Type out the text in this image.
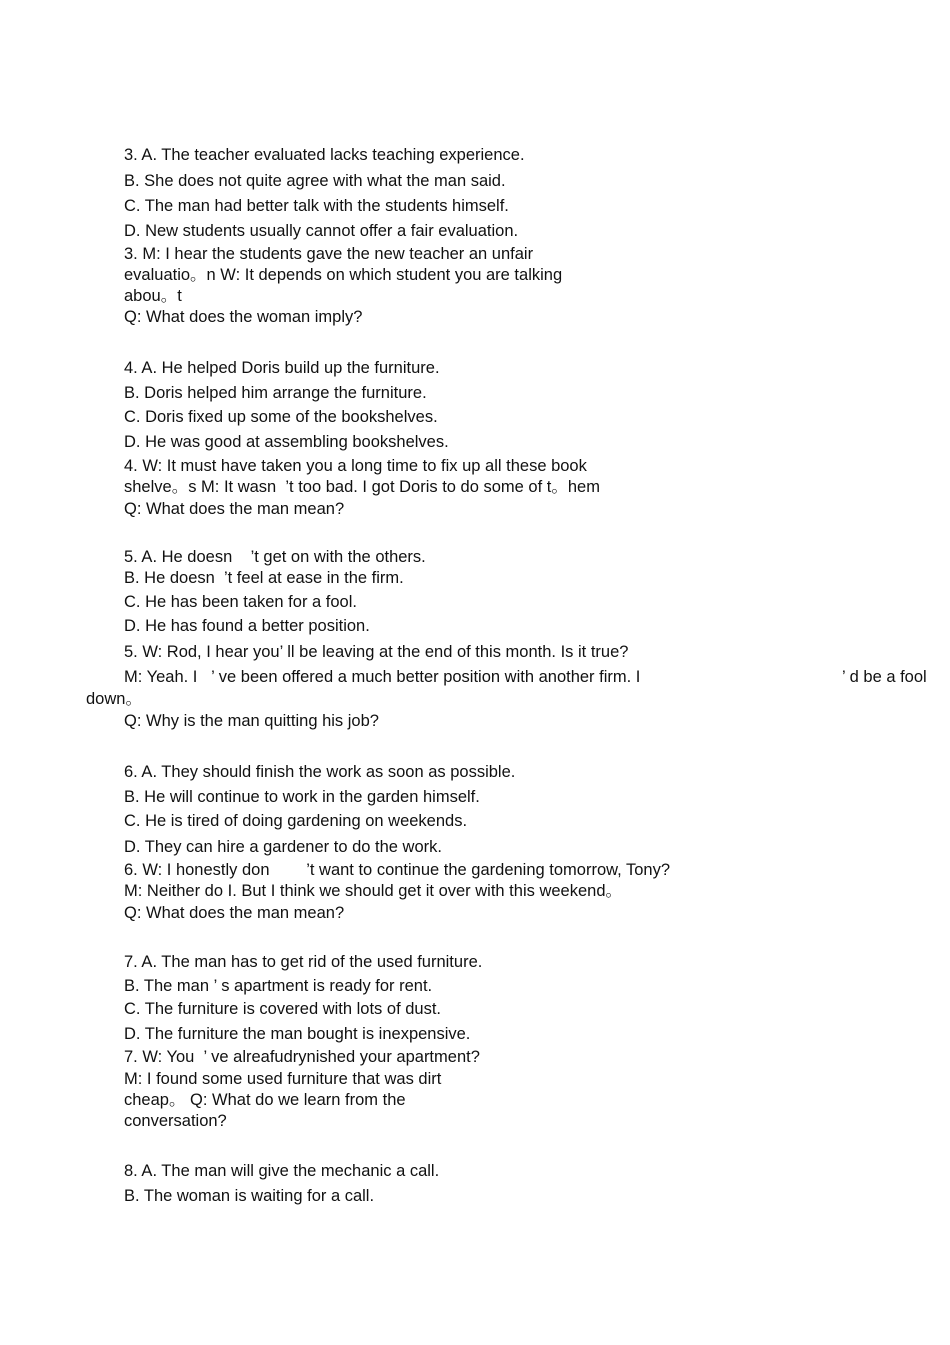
3. A. The teacher evaluated lacks teaching experience.

B. She does not quite agree with what the man said.

C. The man had better talk with the students himself.

D. New students usually cannot offer a fair evaluation.

3. M: I hear the students gave the new teacher an unfair

evaluatio。n W: It depends on which student you are talking

abou。t

Q: What does the woman imply?

4. A. He helped Doris build up the furniture.

B. Doris helped him arrange the furniture.

C. Doris fixed up some of the bookshelves.

D. He was good at assembling bookshelves.

4. W: It must have taken you a long time to fix up all these book

shelve。s M: It wasn  ’t too bad. I got Doris to do some of t。hem

Q: What does the man mean?

5. A. He doesn    ’t get on with the others.

B. He doesn  ’t feel at ease in the firm.

C. He has been taken for a fool.

D. He has found a better position.

5. W: Rod, I hear you’ ll be leaving at the end of this month. Is it true?

M: Yeah. I   ’ ve been offered a much better position with another firm. I	’ d be a fool

down。

Q: Why is the man quitting his job?

6. A. They should finish the work as soon as possible.

B. He will continue to work in the garden himself.

C. He is tired of doing gardening on weekends.

D. They can hire a gardener to do the work.

6. W: I honestly don        ’t want to continue the gardening tomorrow, Tony?

M: Neither do I. But I think we should get it over with this weekend。

Q: What does the man mean?

7. A. The man has to get rid of the used furniture.

B. The man ’ s apartment is ready for rent.

C. The furniture is covered with lots of dust.

D. The furniture the man bought is inexpensive.

7. W: You  ’ ve alreafudrynished your apartment?

M: I found some used furniture that was dirt

cheap。 Q: What do we learn from the

conversation?

8. A. The man will give the mechanic a call.

B. The woman is waiting for a call.
